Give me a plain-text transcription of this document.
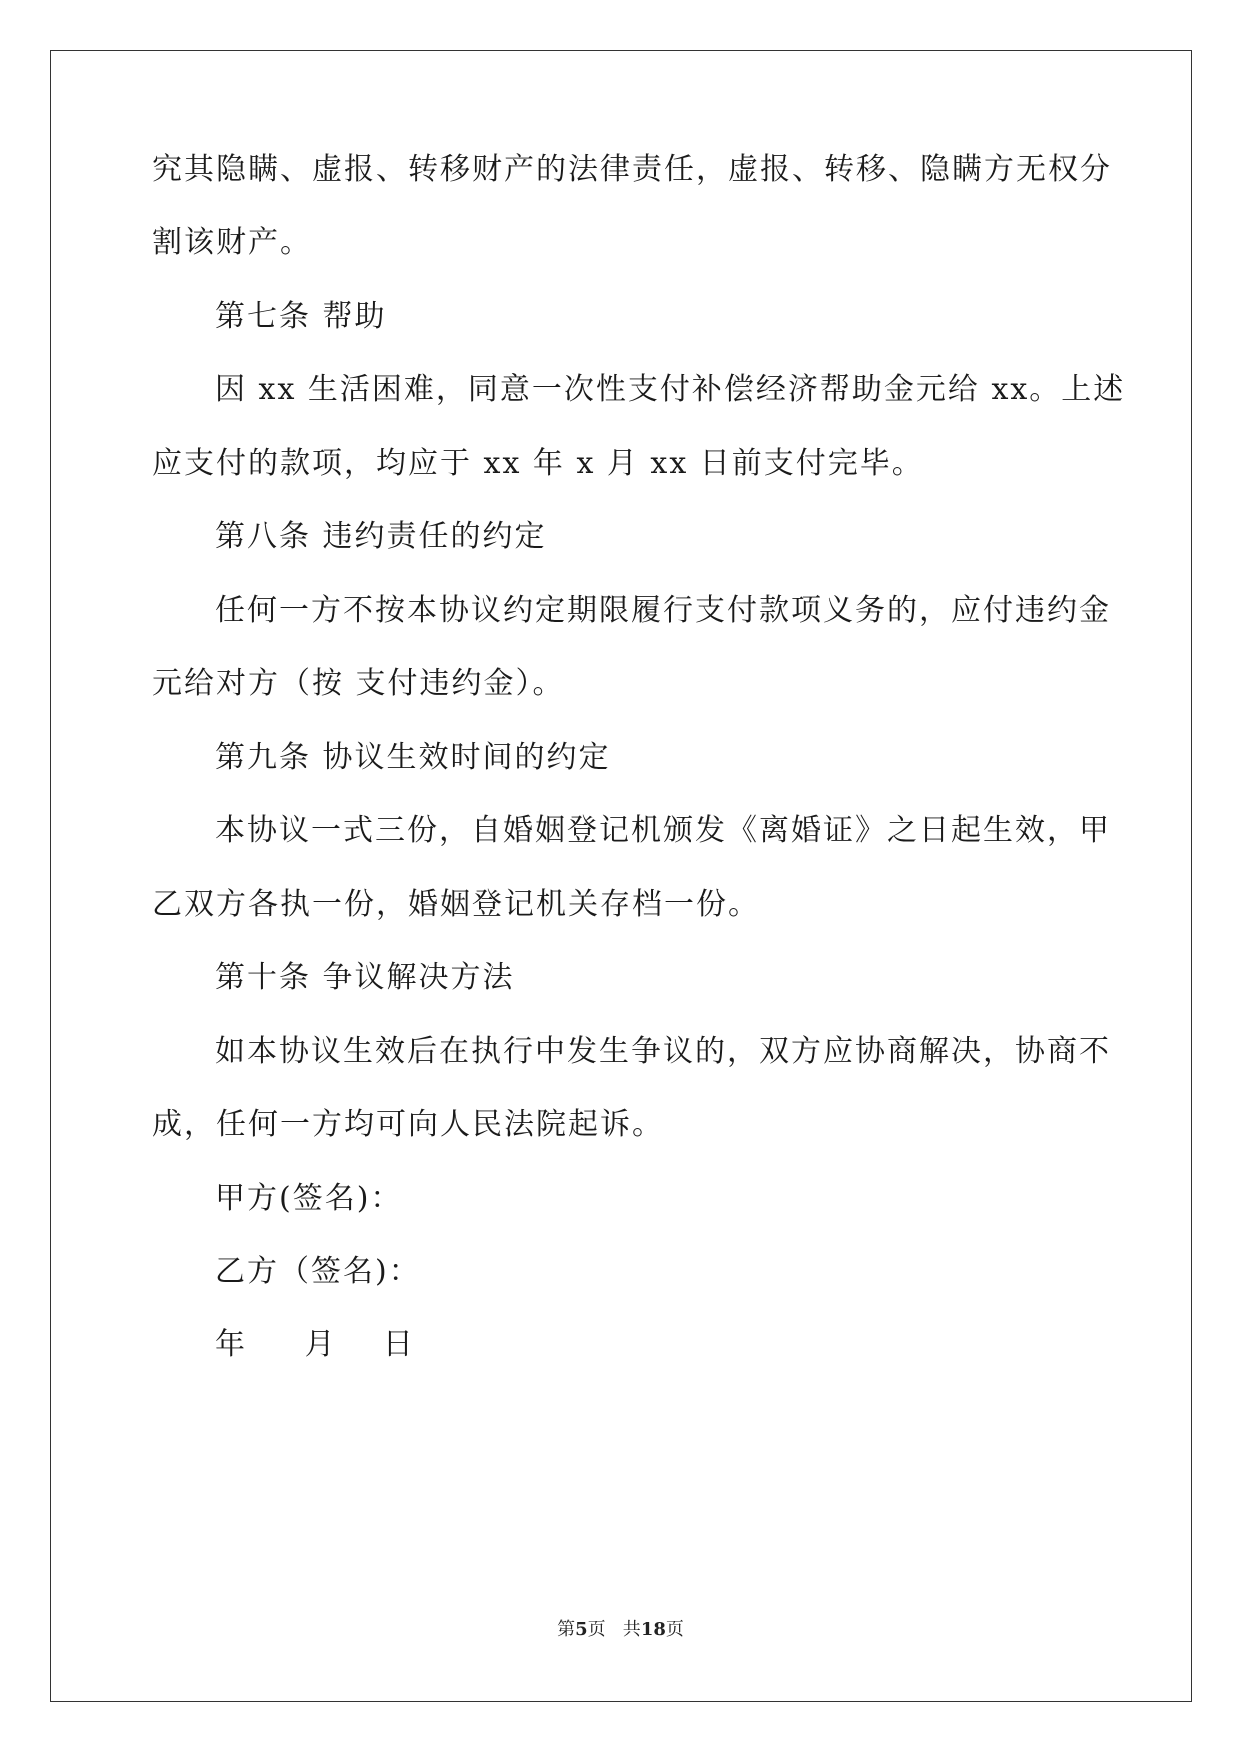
究其隐瞒、虚报、转移财产的法律责任，虚报、转移、隐瞒方无权分
割该财产。
第七条 帮助
因 xx 生活困难，同意一次性支付补偿经济帮助金元给 xx。上述
应支付的款项，均应于 xx 年 x 月 xx 日前支付完毕。
第八条 违约责任的约定
任何一方不按本协议约定期限履行支付款项义务的，应付违约金
元给对方（按 支付违约金）。
第九条 协议生效时间的约定
本协议一式三份，自婚姻登记机颁发《离婚证》之日起生效，甲
乙双方各执一份，婚姻登记机关存档一份。
第十条 争议解决方法
如本协议生效后在执行中发生争议的，双方应协商解决，协商不
成，任何一方均可向人民法院起诉。
甲方(签名)：
乙方（签名)：
年     月    日
第5页   共18页
